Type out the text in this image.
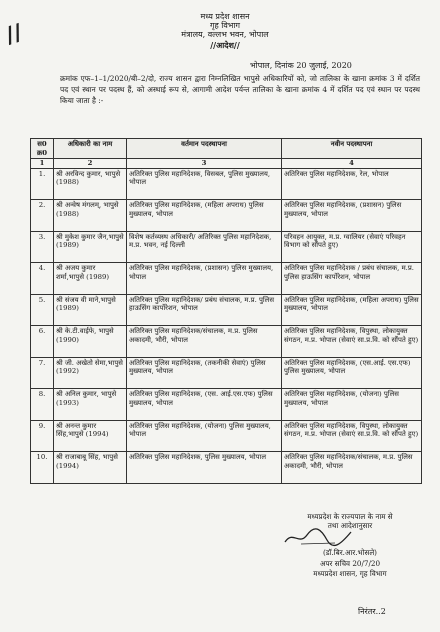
//
मध्य प्रदेश शासन
गृह विभाग
मंत्रालय, वल्लभ भवन, भोपाल
//आदेश//
भोपाल, दिनांक 20 जुलाई, 2020
क्रमांक एफ–1–1/2020/बी–2/दो, राज्य शासन द्वारा निम्नलिखित भापुसे अधिकारियों को, जो तालिका के खाना क्रमांक 3 में दर्शित पद एवं स्थान पर पदस्थ हैं, को अस्थाई रूप से, आगामी आदेश पर्यन्त तालिका के खाना क्रमांक 4 में दर्शित पद एवं स्थान पर पदस्थ किया जाता है :-
स0 क्र0	अधिकारी का नाम	वर्तमान पदस्थापना	नवीन पदस्थापना
1	2	3	4
1.	श्री अरविन्द कुमार, भापुसे (1988)	अतिरिक्त पुलिस महानिदेशक, विसबल, पुलिस मुख्यालय, भोपाल	अतिरिक्त पुलिस महानिदेशक, रेल, भोपाल
2.	श्री अन्वेष मंगलम्, भापुसे (1988)	अतिरिक्त पुलिस महानिदेशक, (महिला अपराध) पुलिस मुख्यालय, भोपाल	अतिरिक्त पुलिस महानिदेशक, (प्रशासन) पुलिस मुख्यालय, भोपाल
3.	श्री मुकेश कुमार जैन,भापुसे (1989)	विशेष कर्तव्यस्थ अधिकारी/ अतिरिक्त पुलिस महानिदेशक, म.प्र. भवन, नई दिल्ली	परिवहन आयुक्त, म.प्र. ग्वालियर (सेवाएं परिवहन विभाग को सौंपते हुए)
4.	श्री अजय कुमार शर्मा,भापुसे (1989)	अतिरिक्त पुलिस महानिदेशक, (प्रशासन) पुलिस मुख्यालय, भोपाल	अतिरिक्त पुलिस महानिदेशक / प्रबंध संचालक, म.प्र. पुलिस हाऊसिंग कार्पोरेशन, भोपाल
5.	श्री संजय वी माने,भापुसे (1989)	अतिरिक्त पुलिस महानिदेशक/ प्रबंध संचालक, म.प्र. पुलिस हाऊसिंग कार्पोरेशन, भोपाल	अतिरिक्त पुलिस महानिदेशक, (महिला अपराध) पुलिस मुख्यालय, भोपाल
6.	श्री के.टी.वाईफे, भापुसे (1990)	अतिरिक्त पुलिस महानिदेशक/संचालक, म.प्र. पुलिस अकादमी, भौरी, भोपाल	अतिरिक्त पुलिस महानिदेशक, विपुस्था, लोकायुक्त संगठन, म.प्र. भोपाल (सेवाएं सा.प्र.वि. को सौंपते हुए)
7.	श्री जी. अखेतो सेमा,भापुसे (1992)	अतिरिक्त पुलिस महानिदेशक, (तकनीकी सेवाएं) पुलिस मुख्यालय, भोपाल	अतिरिक्त पुलिस महानिदेशक, (एस.आई. एस.एफ) पुलिस मुख्यालय, भोपाल
8.	श्री अनिल कुमार, भापुसे (1993)	अतिरिक्त पुलिस महानिदेशक, (एस. आई.एस.एफ) पुलिस मुख्यालय, भोपाल	अतिरिक्त पुलिस महानिदेशक, (योजना) पुलिस मुख्यालय, भोपाल
9.	श्री अनन्त कुमार सिंह,भापुसे (1994)	अतिरिक्त पुलिस महानिदेशक, (योजना) पुलिस मुख्यालय, भोपाल	अतिरिक्त पुलिस महानिदेशक, विपुस्था, लोकायुक्त संगठन, म.प्र. भोपाल (सेवाएं सा.प्र.वि. को सौंपते हुए)
10.	श्री राजाबाबू सिंह, भापुसे (1994)	अतिरिक्त पुलिस महानिदेशक, पुलिस मुख्यालय, भोपाल	अतिरिक्त पुलिस महानिदेशक/संचालक, म.प्र. पुलिस अकादमी, भौरी, भोपाल
मध्यप्रदेश के राज्यपाल के नाम से
तथा आदेशानुसार
(डॉ.बिर.आर.भोसले)
अपर सचिव 20/7/20
मध्यप्रदेश शासन, गृह विभाग
निरंतर..2
